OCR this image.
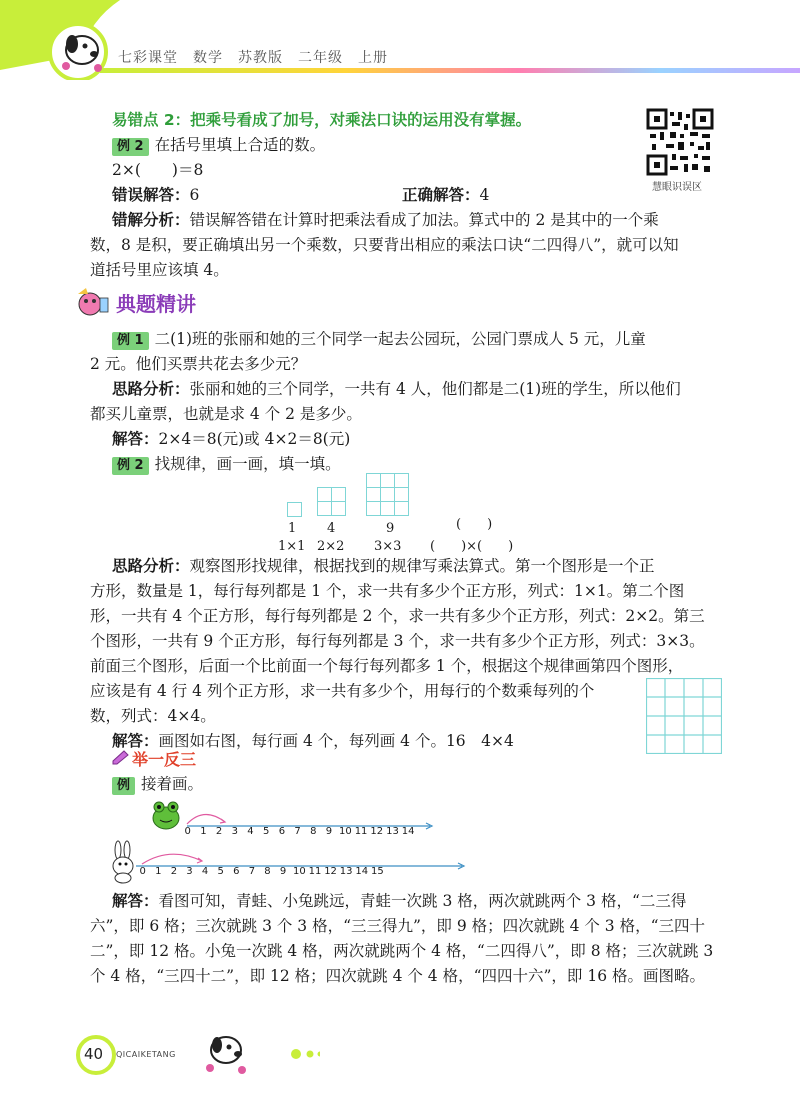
七彩课堂　数学　苏教版　二年级　上册
易错点 2：把乘号看成了加号，对乘法口诀的运用没有掌握。
例 2 在括号里填上合适的数。
2×(　　)＝8
错误解答：6	正确解答：4
错解分析：错误解答错在计算时把乘法看成了加法。算式中的 2 是其中的一个乘
数，8 是积，要正确填出另一个乘数，只要背出相应的乘法口诀“二四得八”，就可以知
道括号里应该填 4。
慧眼识误区
典题精讲
例 1 二(1)班的张丽和她的三个同学一起去公园玩，公园门票成人 5 元，儿童
2 元。他们买票共花去多少元？
思路分析：张丽和她的三个同学，一共有 4 人，他们都是二(1)班的学生，所以他们
都买儿童票，也就是求 4 个 2 是多少。
解答：2×4＝8(元)或 4×2＝8(元)
例 2 找规律，画一画，填一填。
1 4	9	(　　)
1×1 2×2 3×3 (　　)×(　　)
思路分析：观察图形找规律，根据找到的规律写乘法算式。第一个图形是一个正
方形，数量是 1，每行每列都是 1 个，求一共有多少个正方形，列式：1×1。第二个图
形，一共有 4 个正方形，每行每列都是 2 个，求一共有多少个正方形，列式：2×2。第三
个图形，一共有 9 个正方形，每行每列都是 3 个，求一共有多少个正方形，列式：3×3。
前面三个图形，后面一个比前面一个每行每列都多 1 个，根据这个规律画第四个图形，
应该是有 4 行 4 列个正方形，求一共有多少个，用每行的个数乘每列的个
数，列式：4×4。
解答：画图如右图，每行画 4 个，每列画 4 个。16　4×4
举一反三
例 接着画。
0 1 2 3 4 5 6 7 8 9 10 11 12 13 14
0 1 2 3 4 5 6 7 8 9 10 11 12 13 14 15
解答：看图可知，青蛙、小兔跳远，青蛙一次跳 3 格，两次就跳两个 3 格，“二三得
六”，即 6 格；三次就跳 3 个 3 格，“三三得九”，即 9 格；四次就跳 4 个 3 格，“三四十
二”，即 12 格。小兔一次跳 4 格，两次就跳两个 4 格，“二四得八”，即 8 格；三次就跳 3
个 4 格，“三四十二”，即 12 格；四次就跳 4 个 4 格，“四四十六”，即 16 格。画图略。
40 QICAIKETANG
